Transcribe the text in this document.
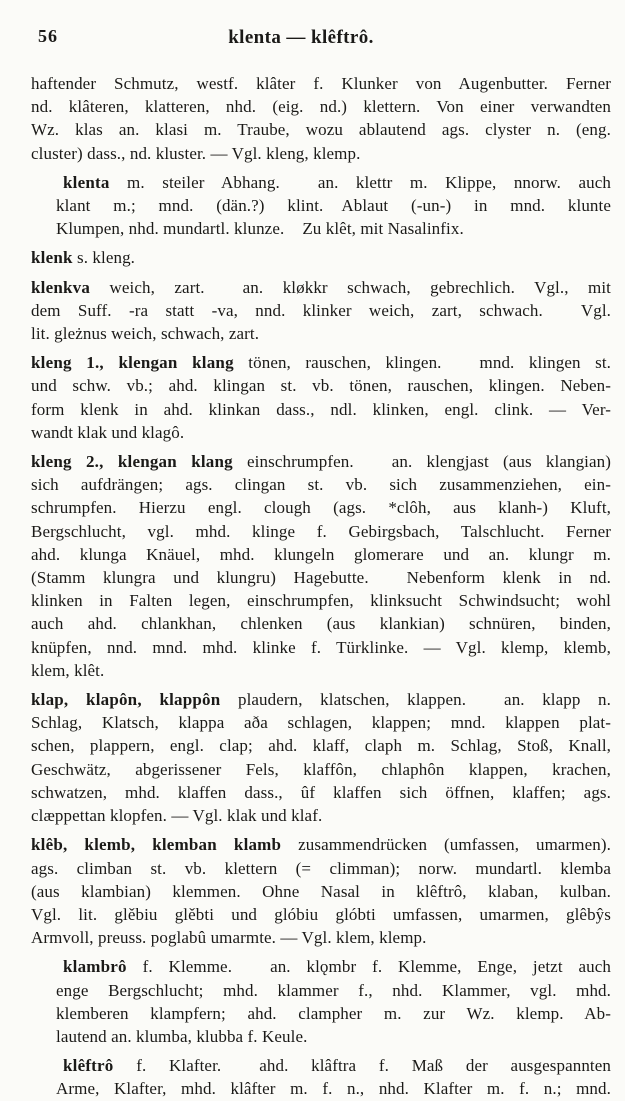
56	klenta — klêftrô.
haftender Schmutz, westf. klâter f. Klunker von Augenbutter. Ferner
nd. klâteren, klatteren, nhd. (eig. nd.) klettern. Von einer verwandten
Wz. klas an. klasi m. Traube, wozu ablautend ags. clyster n. (eng.
cluster) dass., nd. kluster. — Vgl. kleng, klemp.
klenta m. steiler Abhang. an. klettr m. Klippe, nnorw. auch
klant m.; mnd. (dän.?) klint. Ablaut (-un-) in mnd. klunte
Klumpen, nhd. mundartl. klunze. Zu klêt, mit Nasalinfix.
klenk s. kleng.
klenkva weich, zart. an. kløkkr schwach, gebrechlich. Vgl., mit
dem Suff. -ra statt -va, nnd. klinker weich, zart, schwach. Vgl.
lit. gleżnus weich, schwach, zart.
kleng 1., klengan klang tönen, rauschen, klingen. mnd. klingen st.
und schw. vb.; ahd. klingan st. vb. tönen, rauschen, klingen. Neben-
form klenk in ahd. klinkan dass., ndl. klinken, engl. clink. — Ver-
wandt klak und klagô.
kleng 2., klengan klang einschrumpfen. an. klengjast (aus klangian)
sich aufdrängen; ags. clingan st. vb. sich zusammenziehen, ein-
schrumpfen. Hierzu engl. clough (ags. *clôh, aus klanh-) Kluft,
Bergschlucht, vgl. mhd. klinge f. Gebirgsbach, Talschlucht. Ferner
ahd. klunga Knäuel, mhd. klungeln glomerare und an. klungr m.
(Stamm klungra und klungru) Hagebutte. Nebenform klenk in nd.
klinken in Falten legen, einschrumpfen, klinksucht Schwindsucht; wohl
auch ahd. chlankhan, chlenken (aus klankian) schnüren, binden,
knüpfen, nnd. mnd. mhd. klinke f. Türklinke. — Vgl. klemp, klemb,
klem, klêt.
klap, klapôn, klappôn plaudern, klatschen, klappen. an. klapp n.
Schlag, Klatsch, klappa aða schlagen, klappen; mnd. klappen plat-
schen, plappern, engl. clap; ahd. klaff, claph m. Schlag, Stoß, Knall,
Geschwätz, abgerissener Fels, klaffôn, chlaphôn klappen, krachen,
schwatzen, mhd. klaffen dass., ûf klaffen sich öffnen, klaffen; ags.
clæppettan klopfen. — Vgl. klak und klaf.
klêb, klemb, klemban klamb zusammendrücken (umfassen, umarmen).
ags. climban st. vb. klettern (= climman); norw. mundartl. klemba
(aus klambian) klemmen. Ohne Nasal in klêftrô, klaban, kulban.
Vgl. lit. glěbiu glěbti und glóbiu glóbti umfassen, umarmen, glêbŷs
Armvoll, preuss. poglabû umarmte. — Vgl. klem, klemp.
klambrô f. Klemme. an. klǫmbr f. Klemme, Enge, jetzt auch
enge Bergschlucht; mhd. klammer f., nhd. Klammer, vgl. mhd.
klemberen klampfern; ahd. clampher m. zur Wz. klemp. Ab-
lautend an. klumba, klubba f. Keule.
klêftrô f. Klafter. ahd. klâftra f. Maß der ausgespannten
Arme, Klafter, mhd. klâfter m. f. n., nhd. Klafter m. f. n.; mnd.
